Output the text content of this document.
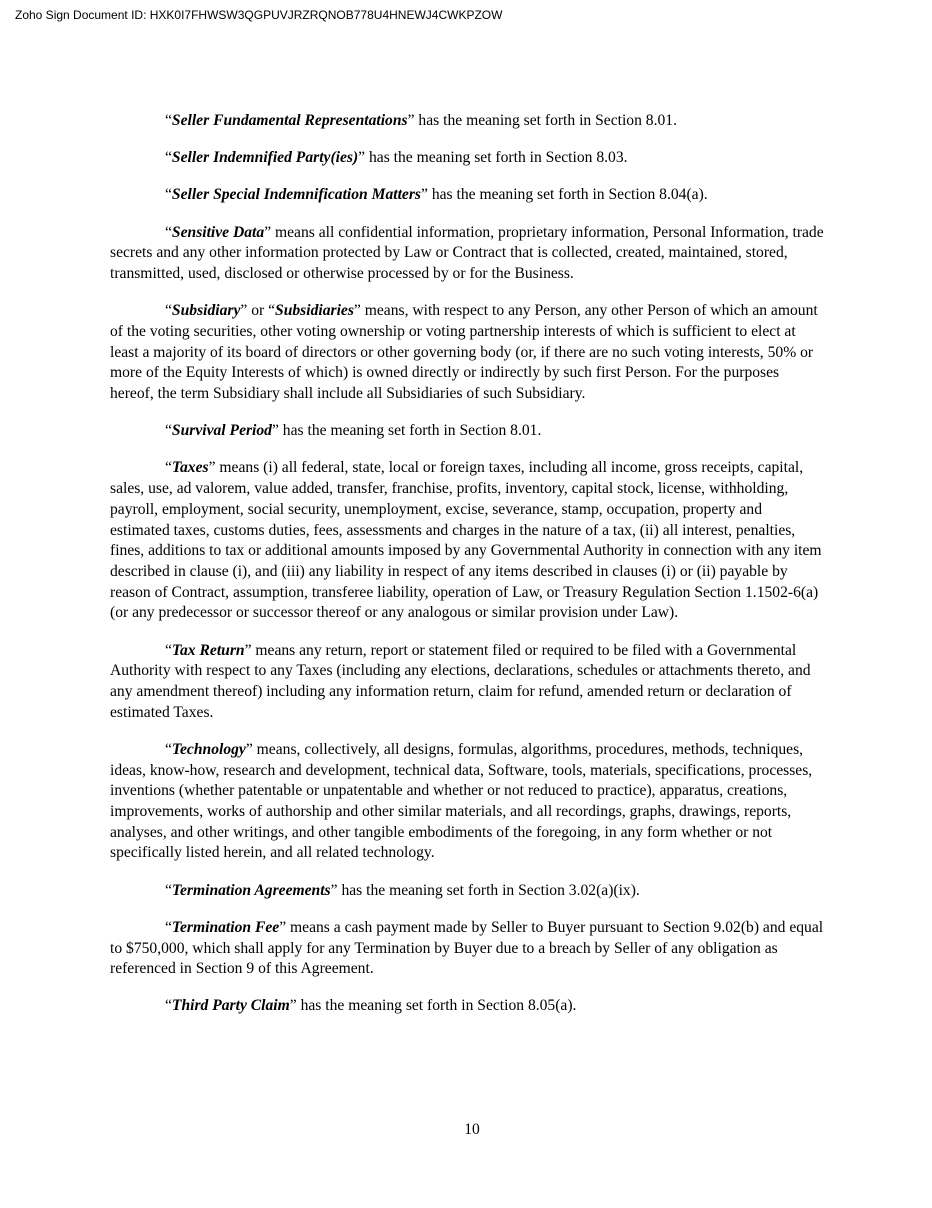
Zoho Sign Document ID: HXK0I7FHWSW3QGPUVJRZRQNOB778U4HNEWJ4CWKPZOW

“Seller Fundamental Representations” has the meaning set forth in Section 8.01.

“Seller Indemnified Party(ies)” has the meaning set forth in Section 8.03.

“Seller Special Indemnification Matters” has the meaning set forth in Section 8.04(a).

“Sensitive Data” means all confidential information, proprietary information, Personal Information, trade secrets and any other information protected by Law or Contract that is collected, created, maintained, stored, transmitted, used, disclosed or otherwise processed by or for the Business.

“Subsidiary” or “Subsidiaries” means, with respect to any Person, any other Person of which an amount of the voting securities, other voting ownership or voting partnership interests of which is sufficient to elect at least a majority of its board of directors or other governing body (or, if there are no such voting interests, 50% or more of the Equity Interests of which) is owned directly or indirectly by such first Person. For the purposes hereof, the term Subsidiary shall include all Subsidiaries of such Subsidiary.

“Survival Period” has the meaning set forth in Section 8.01.

“Taxes” means (i) all federal, state, local or foreign taxes, including all income, gross receipts, capital, sales, use, ad valorem, value added, transfer, franchise, profits, inventory, capital stock, license, withholding, payroll, employment, social security, unemployment, excise, severance, stamp, occupation, property and estimated taxes, customs duties, fees, assessments and charges in the nature of a tax, (ii) all interest, penalties, fines, additions to tax or additional amounts imposed by any Governmental Authority in connection with any item described in clause (i), and (iii) any liability in respect of any items described in clauses (i) or (ii) payable by reason of Contract, assumption, transferee liability, operation of Law, or Treasury Regulation Section 1.1502-6(a) (or any predecessor or successor thereof or any analogous or similar provision under Law).

“Tax Return” means any return, report or statement filed or required to be filed with a Governmental Authority with respect to any Taxes (including any elections, declarations, schedules or attachments thereto, and any amendment thereof) including any information return, claim for refund, amended return or declaration of estimated Taxes.

“Technology” means, collectively, all designs, formulas, algorithms, procedures, methods, techniques, ideas, know-how, research and development, technical data, Software, tools, materials, specifications, processes, inventions (whether patentable or unpatentable and whether or not reduced to practice), apparatus, creations, improvements, works of authorship and other similar materials, and all recordings, graphs, drawings, reports, analyses, and other writings, and other tangible embodiments of the foregoing, in any form whether or not specifically listed herein, and all related technology.

“Termination Agreements” has the meaning set forth in Section 3.02(a)(ix).

“Termination Fee” means a cash payment made by Seller to Buyer pursuant to Section 9.02(b) and equal to $750,000, which shall apply for any Termination by Buyer due to a breach by Seller of any obligation as referenced in Section 9 of this Agreement.

“Third Party Claim” has the meaning set forth in Section 8.05(a).

10
